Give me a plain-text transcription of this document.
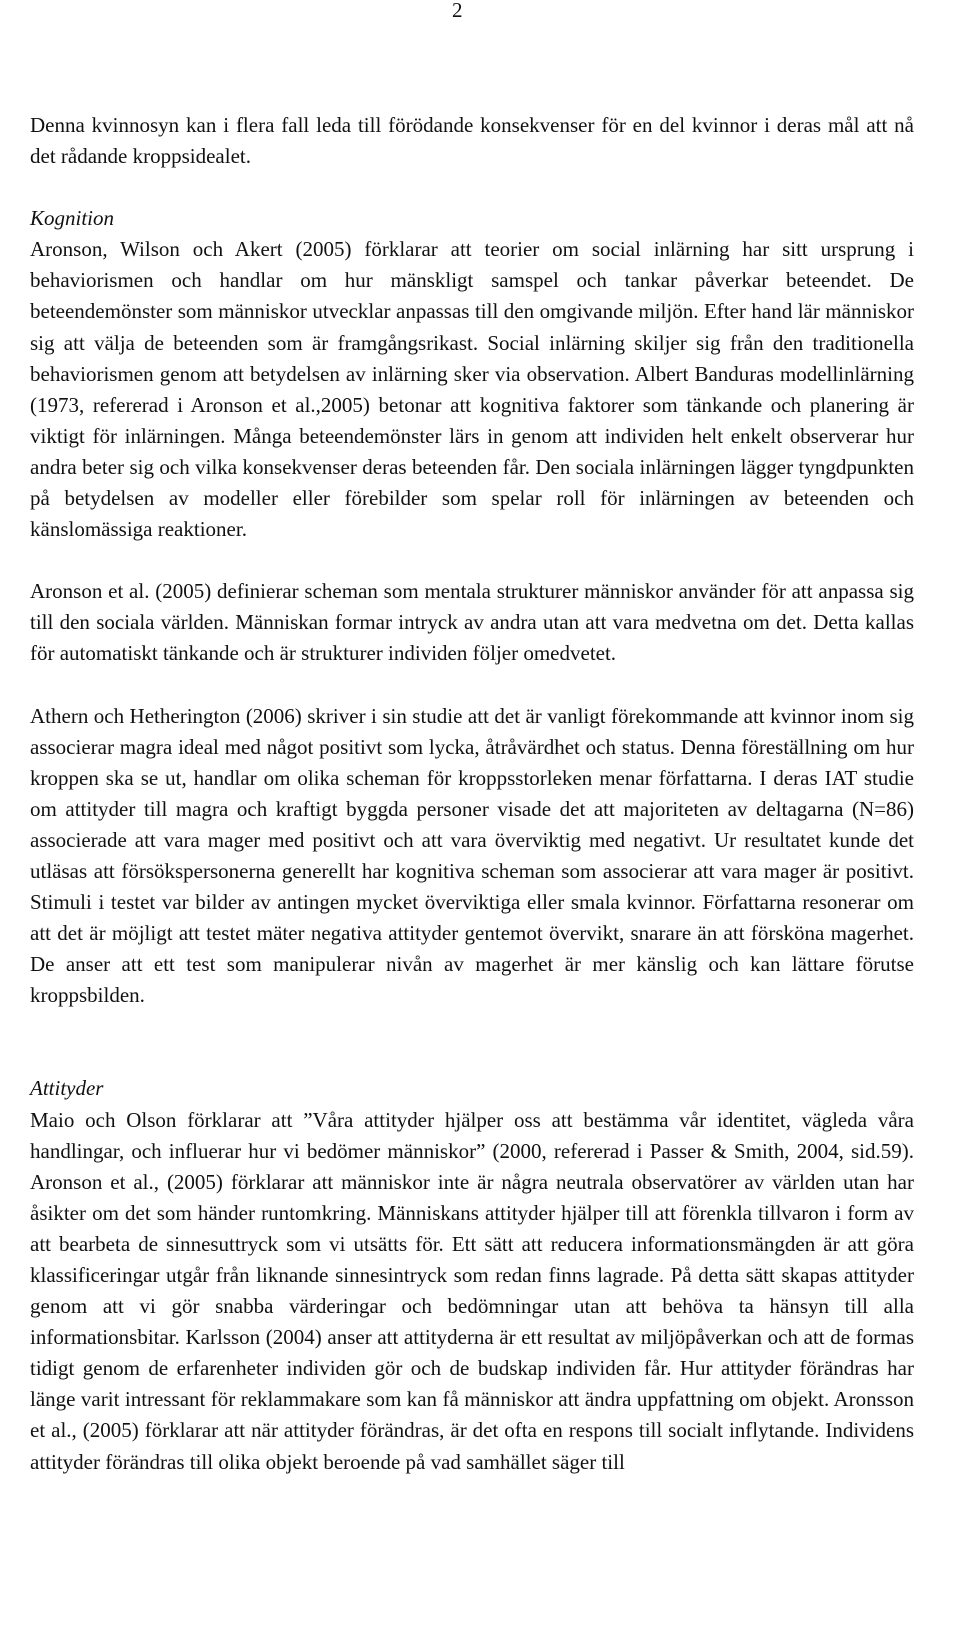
2

Denna kvinnosyn kan i flera fall leda till förödande konsekvenser för en del kvinnor i deras mål att nå det rådande kroppsidealet.

Kognition

Aronson, Wilson och Akert (2005) förklarar att teorier om social inlärning har sitt ursprung i behaviorismen och handlar om hur mänskligt samspel och tankar påverkar beteendet. De beteendemönster som människor utvecklar anpassas till den omgivande miljön. Efter hand lär människor sig att välja de beteenden som är framgångsrikast. Social inlärning skiljer sig från den traditionella behaviorismen genom att betydelsen av inlärning sker via observation. Albert Banduras modellinlärning (1973, refererad i Aronson et al.,2005) betonar att kognitiva faktorer som tänkande och planering är viktigt för inlärningen. Många beteendemönster lärs in genom att individen helt enkelt observerar hur andra beter sig och vilka konsekvenser deras beteenden får. Den sociala inlärningen lägger tyngdpunkten på betydelsen av modeller eller förebilder som spelar roll för inlärningen av beteenden och känslomässiga reaktioner.

Aronson et al. (2005) definierar scheman som mentala strukturer människor använder för att anpassa sig till den sociala världen. Människan formar intryck av andra utan att vara medvetna om det. Detta kallas för automatiskt tänkande och är strukturer individen följer omedvetet.

Athern och Hetherington (2006) skriver i sin studie att det är vanligt förekommande att kvinnor inom sig associerar magra ideal med något positivt som lycka, åtråvärdhet och status. Denna föreställning om hur kroppen ska se ut, handlar om olika scheman för kroppsstorleken menar författarna. I deras IAT studie om attityder till magra och kraftigt byggda personer visade det att majoriteten av deltagarna (N=86) associerade att vara mager med positivt och att vara överviktig med negativt. Ur resultatet kunde det utläsas att försökspersonerna generellt har kognitiva scheman som associerar att vara mager är positivt. Stimuli i testet var bilder av antingen mycket överviktiga eller smala kvinnor. Författarna resonerar om att det är möjligt att testet mäter negativa attityder gentemot övervikt, snarare än att försköna magerhet. De anser att ett test som manipulerar nivån av magerhet är mer känslig och kan lättare förutse kroppsbilden.

Attityder

Maio och Olson förklarar att ”Våra attityder hjälper oss att bestämma vår identitet, vägleda våra handlingar, och influerar hur vi bedömer människor” (2000, refererad i Passer & Smith, 2004, sid.59). Aronson et al., (2005) förklarar att människor inte är några neutrala observatörer av världen utan har åsikter om det som händer runtomkring. Människans attityder hjälper till att förenkla tillvaron i form av att bearbeta de sinnesuttryck som vi utsätts för. Ett sätt att reducera informationsmängden är att göra klassificeringar utgår från liknande sinnesintryck som redan finns lagrade. På detta sätt skapas attityder genom att vi gör snabba värderingar och bedömningar utan att behöva ta hänsyn till alla informationsbitar. Karlsson (2004) anser att attityderna är ett resultat av miljöpåverkan och att de formas tidigt genom de erfarenheter individen gör och de budskap individen får. Hur attityder förändras har länge varit intressant för reklammakare som kan få människor att ändra uppfattning om objekt. Aronsson et al., (2005) förklarar att när attityder förändras, är det ofta en respons till socialt inflytande. Individens attityder förändras till olika objekt beroende på vad samhället säger till
